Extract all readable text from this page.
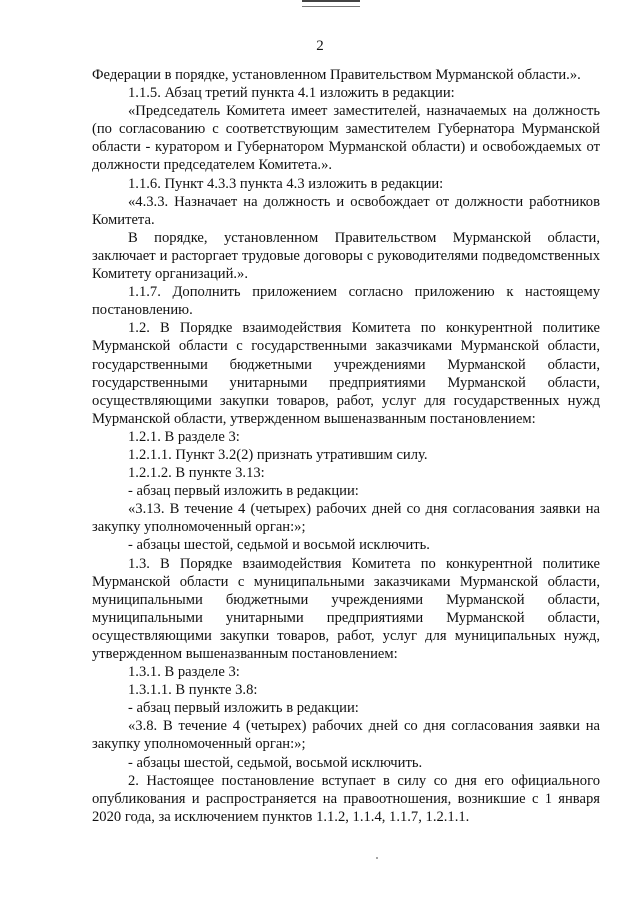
2

Федерации в порядке, установленном Правительством Мурманской области.».

1.1.5. Абзац третий пункта 4.1 изложить в редакции:

«Председатель Комитета имеет заместителей, назначаемых на должность (по согласованию с соответствующим заместителем Губернатора Мурманской области - куратором и Губернатором Мурманской области) и освобождаемых от должности председателем Комитета.».

1.1.6. Пункт 4.3.3 пункта 4.3 изложить в редакции:

«4.3.3. Назначает на должность и освобождает от должности работников Комитета.

В порядке, установленном Правительством Мурманской области, заключает и расторгает трудовые договоры с руководителями подведомственных Комитету организаций.».

1.1.7. Дополнить приложением согласно приложению к настоящему постановлению.

1.2. В Порядке взаимодействия Комитета по конкурентной политике Мурманской области с государственными заказчиками Мурманской области, государственными бюджетными учреждениями Мурманской области, государственными унитарными предприятиями Мурманской области, осуществляющими закупки товаров, работ, услуг для государственных нужд Мурманской области, утвержденном вышеназванным постановлением:

1.2.1. В разделе 3:

1.2.1.1. Пункт 3.2(2) признать утратившим силу.

1.2.1.2. В пункте 3.13:

- абзац первый изложить в редакции:

«3.13. В течение 4 (четырех) рабочих дней со дня согласования заявки на закупку уполномоченный орган:»;

- абзацы шестой, седьмой и восьмой исключить.

1.3. В Порядке взаимодействия Комитета по конкурентной политике Мурманской области с муниципальными заказчиками Мурманской области, муниципальными бюджетными учреждениями Мурманской области, муниципальными унитарными предприятиями Мурманской области, осуществляющими закупки товаров, работ, услуг для муниципальных нужд, утвержденном вышеназванным постановлением:

1.3.1. В разделе 3:

1.3.1.1. В пункте 3.8:

- абзац первый изложить в редакции:

«3.8. В течение 4 (четырех) рабочих дней со дня согласования заявки на закупку уполномоченный орган:»;

- абзацы шестой, седьмой, восьмой исключить.

2. Настоящее постановление вступает в силу со дня его официального опубликования и распространяется на правоотношения, возникшие с 1 января 2020 года, за исключением пунктов 1.1.2, 1.1.4, 1.1.7, 1.2.1.1.
